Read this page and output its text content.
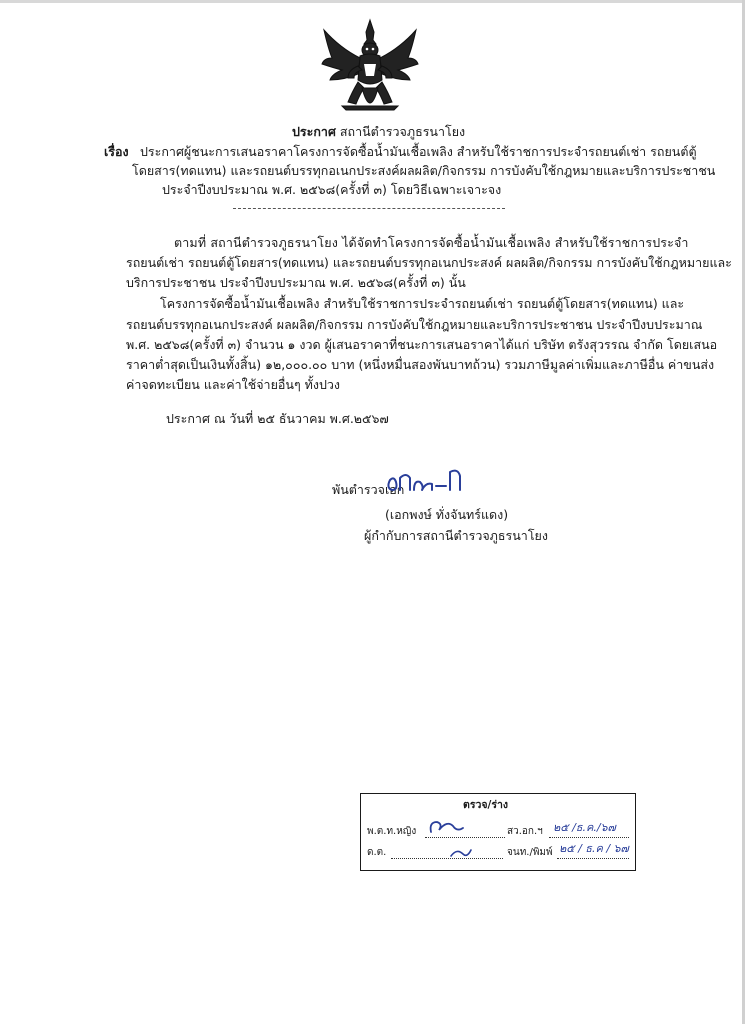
ประกาศ สถานีตำรวจภูธรนาโยง
เรื่อง ประกาศผู้ชนะการเสนอราคาโครงการจัดซื้อน้ำมันเชื้อเพลิง สำหรับใช้ราชการประจำรถยนต์เช่า รถยนต์ตู้
โดยสาร(ทดแทน) และรถยนต์บรรทุกอเนกประสงค์ผลผลิต/กิจกรรม การบังคับใช้กฎหมายและบริการประชาชน
ประจำปีงบประมาณ พ.ศ. ๒๕๖๘(ครั้งที่ ๓) โดยวิธีเฉพาะเจาะจง
ตามที่ สถานีตำรวจภูธรนาโยง ได้จัดทำโครงการจัดซื้อน้ำมันเชื้อเพลิง สำหรับใช้ราชการประจำ
รถยนต์เช่า รถยนต์ตู้โดยสาร(ทดแทน) และรถยนต์บรรทุกอเนกประสงค์ ผลผลิต/กิจกรรม การบังคับใช้กฎหมายและ
บริการประชาชน ประจำปีงบประมาณ พ.ศ. ๒๕๖๘(ครั้งที่ ๓) นั้น
โครงการจัดซื้อน้ำมันเชื้อเพลิง สำหรับใช้ราชการประจำรถยนต์เช่า รถยนต์ตู้โดยสาร(ทดแทน) และ
รถยนต์บรรทุกอเนกประสงค์ ผลผลิต/กิจกรรม การบังคับใช้กฎหมายและบริการประชาชน ประจำปีงบประมาณ
พ.ศ. ๒๕๖๘(ครั้งที่ ๓) จำนวน ๑ งวด ผู้เสนอราคาที่ชนะการเสนอราคาได้แก่ บริษัท ตรังสุวรรณ จำกัด โดยเสนอ
ราคาต่ำสุดเป็นเงินทั้งสิ้น) ๑๒,๐๐๐.๐๐ บาท (หนึ่งหมื่นสองพันบาทถ้วน) รวมภาษีมูลค่าเพิ่มและภาษีอื่น ค่าขนส่ง
ค่าจดทะเบียน และค่าใช้จ่ายอื่นๆ ทั้งปวง
ประกาศ ณ วันที่ ๒๕ ธันวาคม พ.ศ.๒๕๖๗
พันตำรวจเอก
(เอกพงษ์ ทั่งจันทร์แดง)
ผู้กำกับการสถานีตำรวจภูธรนาโยง
ตรวจ/ร่าง
พ.ต.ท.หญิง	สว.อก.ฯ ๒๕ /ธ.ค./๖๗
ด.ต.	จนท./พิมพ์ ๒๕ / ธ.ค / ๖๗
